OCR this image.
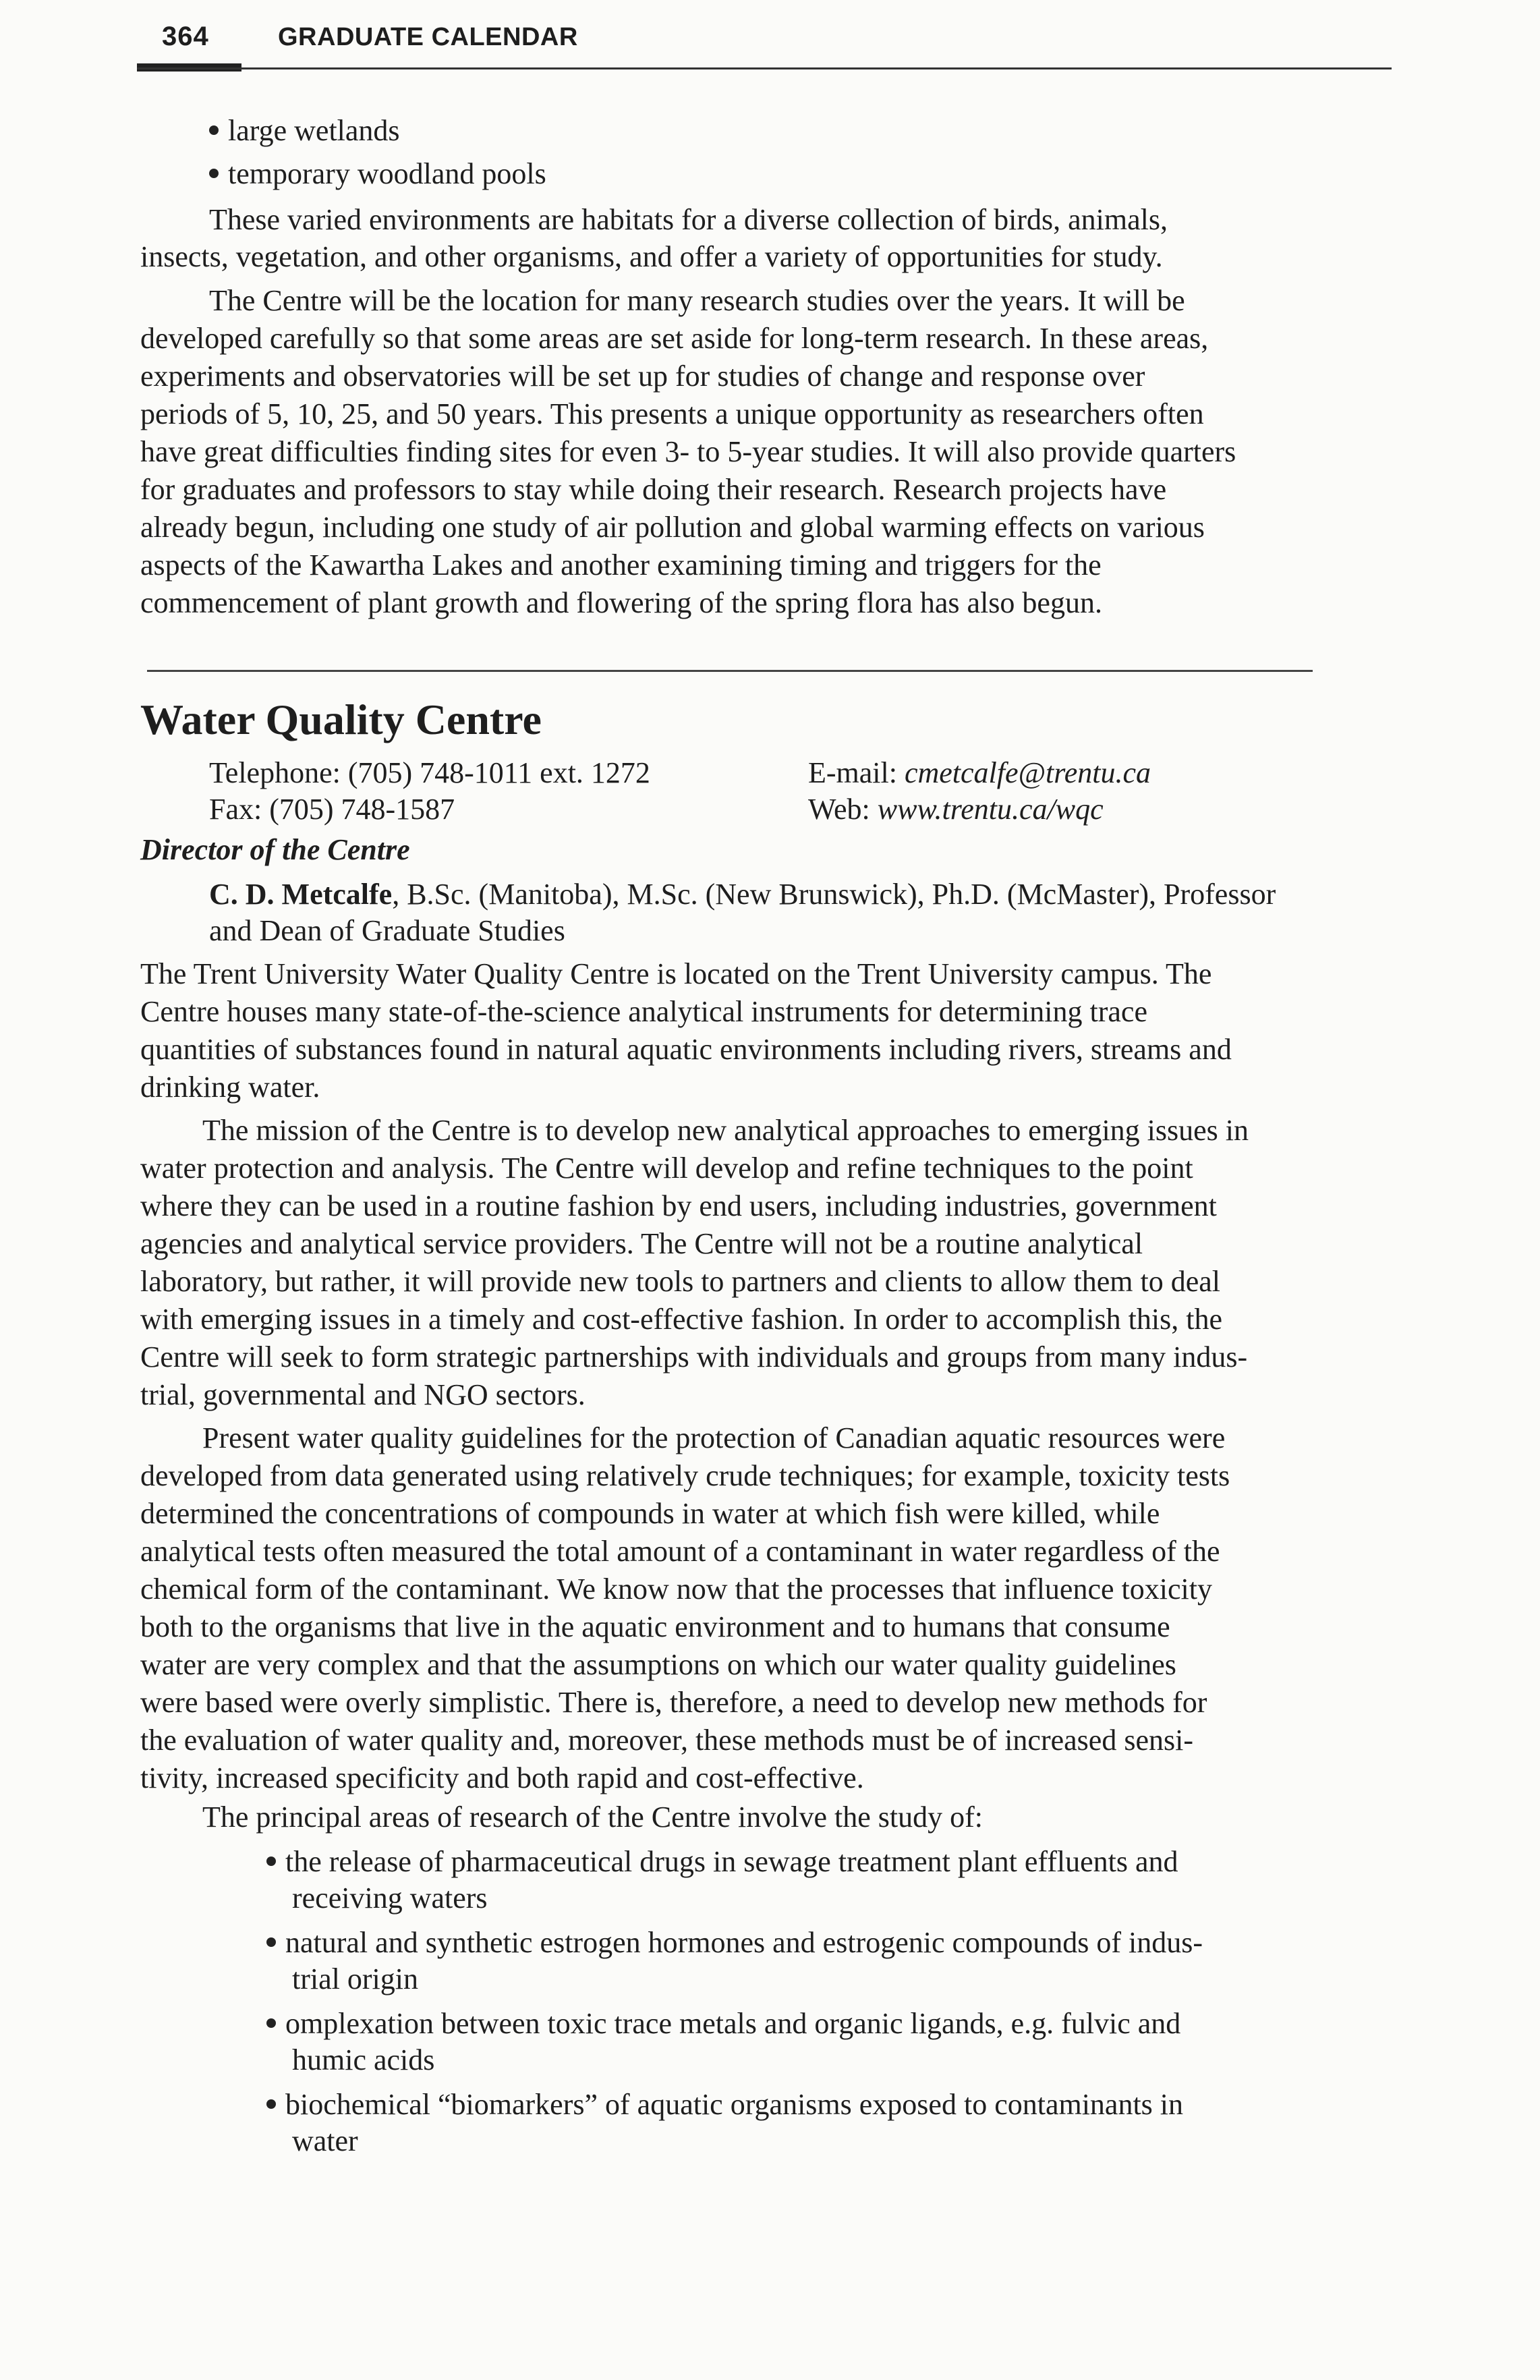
364	GRADUATE CALENDAR
large wetlands
temporary woodland pools
These varied environments are habitats for a diverse collection of birds, animals,
insects, vegetation, and other organisms, and offer a variety of opportunities for study.
The Centre will be the location for many research studies over the years. It will be
developed carefully so that some areas are set aside for long-term research. In these areas,
experiments and observatories will be set up for studies of change and response over
periods of 5, 10, 25, and 50 years. This presents a unique opportunity as researchers often
have great difficulties finding sites for even 3- to 5-year studies. It will also provide quarters
for graduates and professors to stay while doing their research. Research projects have
already begun, including one study of air pollution and global warming effects on various
aspects of the Kawartha Lakes and another examining timing and triggers for the
commencement of plant growth and flowering of the spring flora has also begun.
Water Quality Centre
Telephone: (705) 748-1011 ext. 1272
Fax: (705) 748-1587
E-mail: cmetcalfe@trentu.ca
Web: www.trentu.ca/wqc
Director of the Centre
C. D. Metcalfe, B.Sc. (Manitoba), M.Sc. (New Brunswick), Ph.D. (McMaster), Professor
and Dean of Graduate Studies
The Trent University Water Quality Centre is located on the Trent University campus. The
Centre houses many state-of-the-science analytical instruments for determining trace
quantities of substances found in natural aquatic environments including rivers, streams and
drinking water.
The mission of the Centre is to develop new analytical approaches to emerging issues in
water protection and analysis. The Centre will develop and refine techniques to the point
where they can be used in a routine fashion by end users, including industries, government
agencies and analytical service providers. The Centre will not be a routine analytical
laboratory, but rather, it will provide new tools to partners and clients to allow them to deal
with emerging issues in a timely and cost-effective fashion. In order to accomplish this, the
Centre will seek to form strategic partnerships with individuals and groups from many indus-
trial, governmental and NGO sectors.
Present water quality guidelines for the protection of Canadian aquatic resources were
developed from data generated using relatively crude techniques; for example, toxicity tests
determined the concentrations of compounds in water at which fish were killed, while
analytical tests often measured the total amount of a contaminant in water regardless of the
chemical form of the contaminant. We know now that the processes that influence toxicity
both to the organisms that live in the aquatic environment and to humans that consume
water are very complex and that the assumptions on which our water quality guidelines
were based were overly simplistic. There is, therefore, a need to develop new methods for
the evaluation of water quality and, moreover, these methods must be of increased sensi-
tivity, increased specificity and both rapid and cost-effective.
The principal areas of research of the Centre involve the study of:
the release of pharmaceutical drugs in sewage treatment plant effluents and
receiving waters
natural and synthetic estrogen hormones and estrogenic compounds of indus-
trial origin
omplexation between toxic trace metals and organic ligands, e.g. fulvic and
humic acids
biochemical “biomarkers” of aquatic organisms exposed to contaminants in
water
